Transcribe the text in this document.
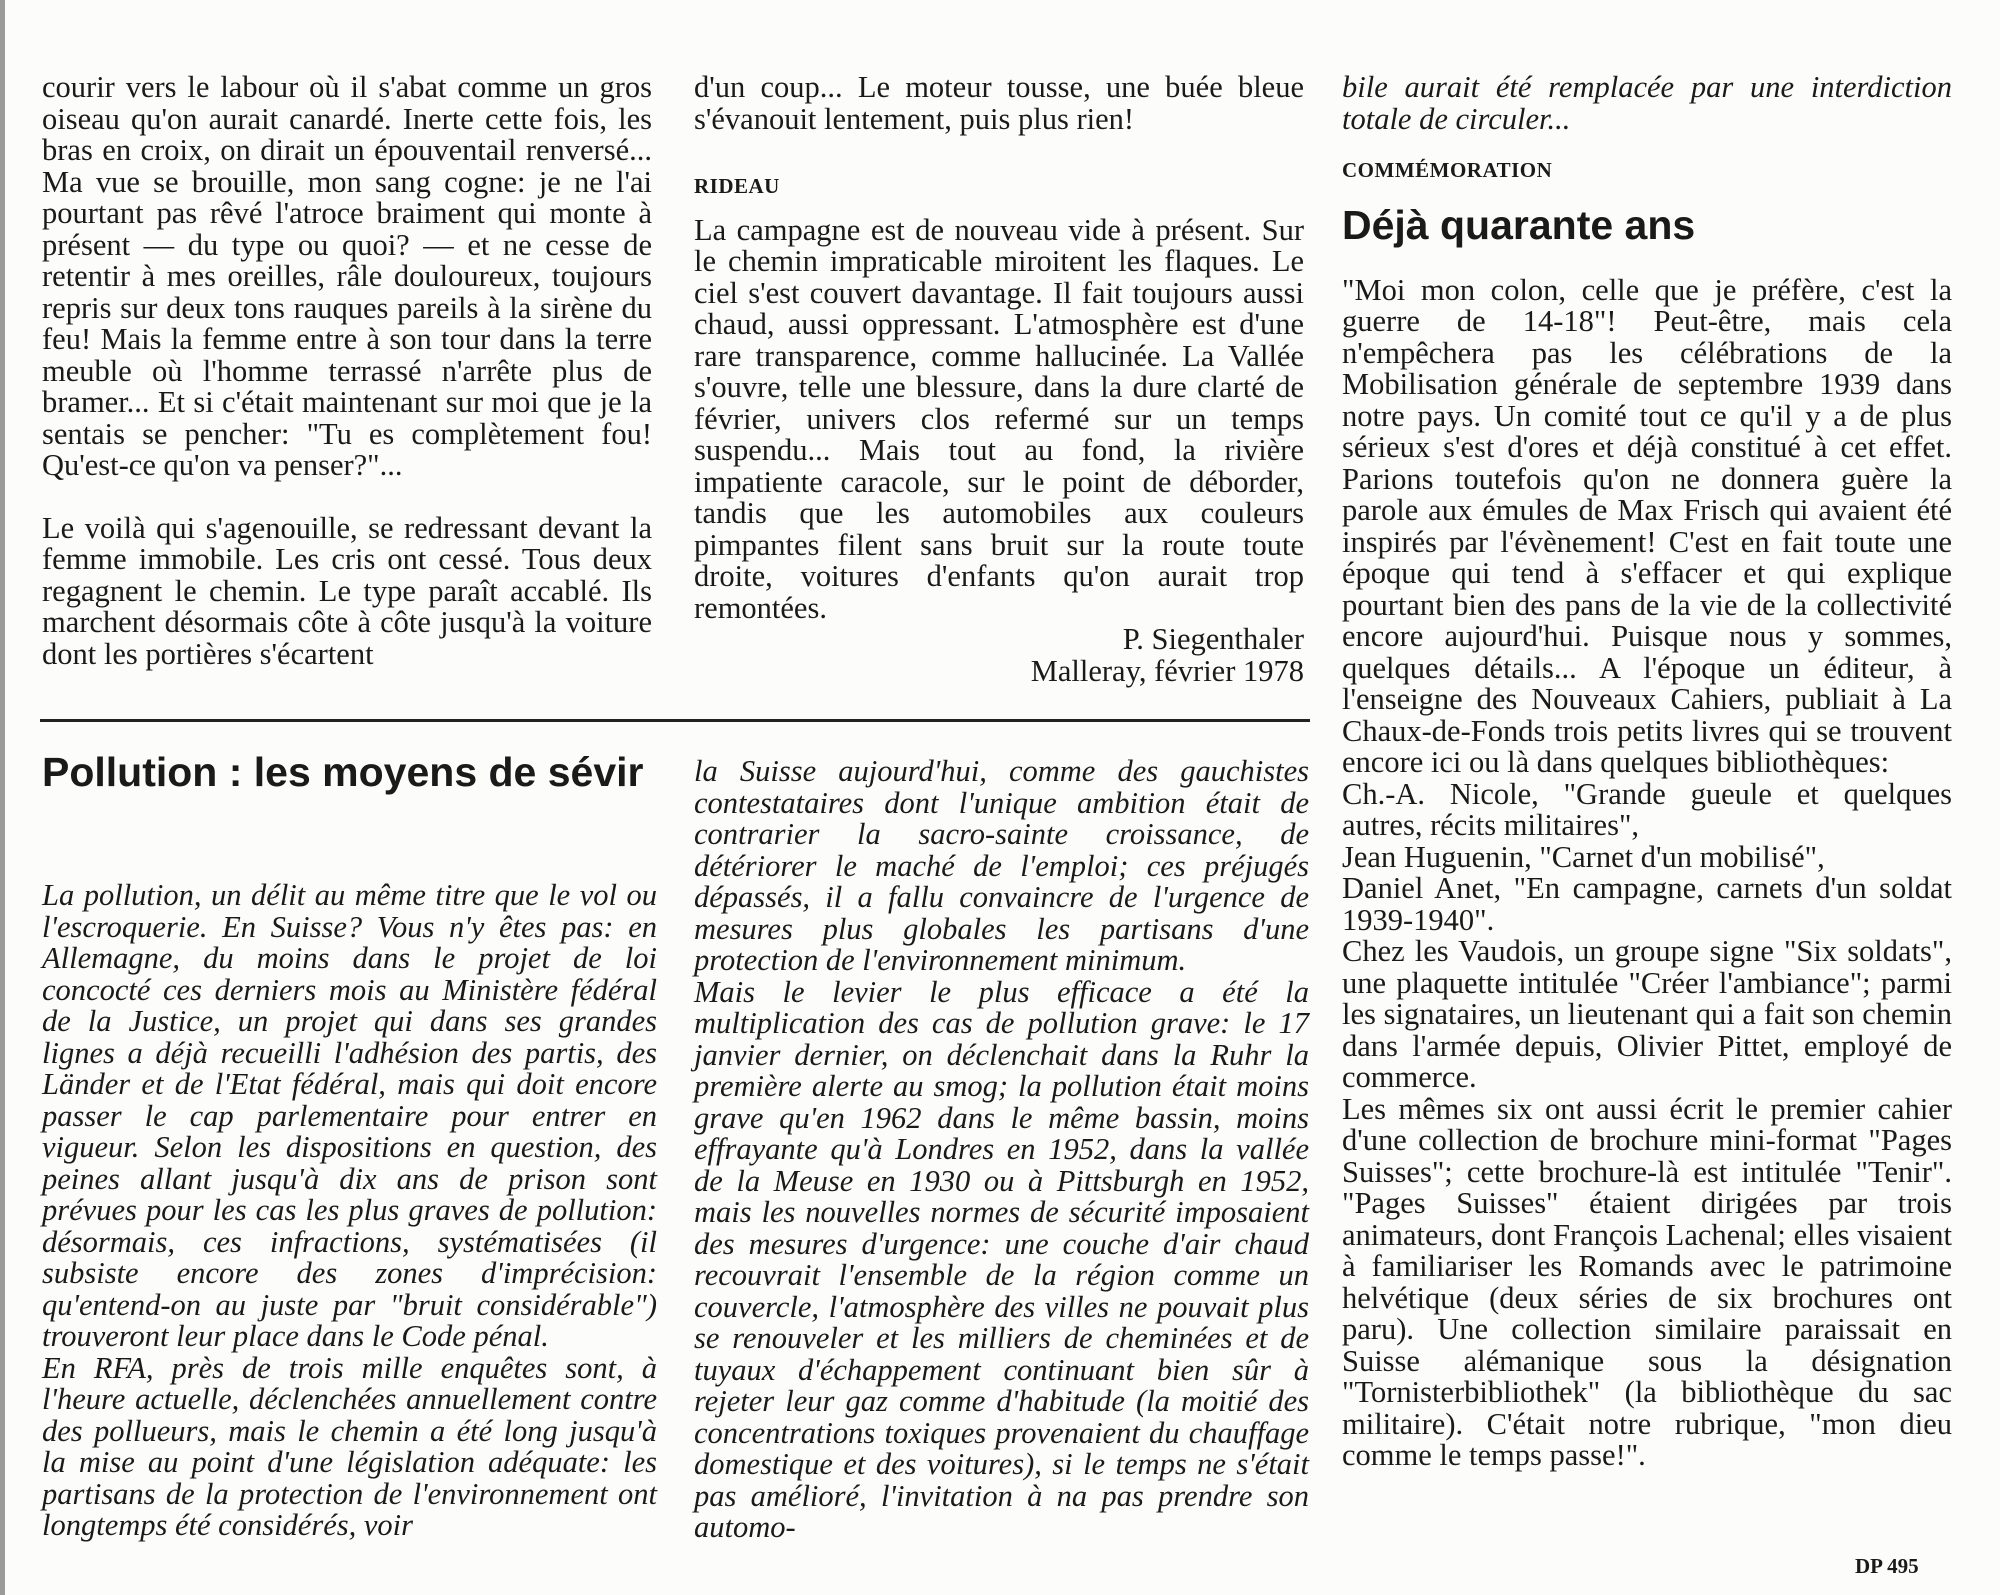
courir vers le labour où il s'abat comme un gros oiseau qu'on aurait canardé. Inerte cette fois, les bras en croix, on dirait un épouventail renversé... Ma vue se brouille, mon sang cogne: je ne l'ai pourtant pas rêvé l'atroce braiment qui monte à présent — du type ou quoi? — et ne cesse de retentir à mes oreilles, râle douloureux, toujours repris sur deux tons rauques pareils à la sirène du feu! Mais la femme entre à son tour dans la terre meuble où l'homme terrassé n'arrête plus de bramer... Et si c'était maintenant sur moi que je la sentais se pencher: "Tu es complètement fou! Qu'est-ce qu'on va penser?"...

Le voilà qui s'agenouille, se redressant devant la femme immobile. Les cris ont cessé. Tous deux regagnent le chemin. Le type paraît accablé. Ils marchent désormais côte à côte jusqu'à la voiture dont les portières s'écartent

d'un coup... Le moteur tousse, une buée bleue s'évanouit lentement, puis plus rien!

RIDEAU

La campagne est de nouveau vide à présent. Sur le chemin impraticable miroitent les flaques. Le ciel s'est couvert davantage. Il fait toujours aussi chaud, aussi oppressant. L'atmosphère est d'une rare transparence, comme hallucinée. La Vallée s'ouvre, telle une blessure, dans la dure clarté de février, univers clos refermé sur un temps suspendu... Mais tout au fond, la rivière impatiente caracole, sur le point de déborder, tandis que les automobiles aux couleurs pimpantes filent sans bruit sur la route toute droite, voitures d'enfants qu'on aurait trop remontées.

P. Siegenthaler
Malleray, février 1978
Pollution : les moyens de sévir

La pollution, un délit au même titre que le vol ou l'escroquerie. En Suisse? Vous n'y êtes pas: en Allemagne, du moins dans le projet de loi concocté ces derniers mois au Ministère fédéral de la Justice, un projet qui dans ses grandes lignes a déjà recueilli l'adhésion des partis, des Länder et de l'Etat fédéral, mais qui doit encore passer le cap parlementaire pour entrer en vigueur. Selon les dispositions en question, des peines allant jusqu'à dix ans de prison sont prévues pour les cas les plus graves de pollution: désormais, ces infractions, systématisées (il subsiste encore des zones d'imprécision: qu'entend-on au juste par "bruit considérable") trouveront leur place dans le Code pénal.

En RFA, près de trois mille enquêtes sont, à l'heure actuelle, déclenchées annuellement contre des pollueurs, mais le chemin a été long jusqu'à la mise au point d'une législation adéquate: les partisans de la protection de l'environnement ont longtemps été considérés, voir

la Suisse aujourd'hui, comme des gauchistes contestataires dont l'unique ambition était de contrarier la sacro-sainte croissance, de détériorer le maché de l'emploi; ces préjugés dépassés, il a fallu convaincre de l'urgence de mesures plus globales les partisans d'une protection de l'environnement minimum.

Mais le levier le plus efficace a été la multiplication des cas de pollution grave: le 17 janvier dernier, on déclenchait dans la Ruhr la première alerte au smog; la pollution était moins grave qu'en 1962 dans le même bassin, moins effrayante qu'à Londres en 1952, dans la vallée de la Meuse en 1930 ou à Pittsburgh en 1952, mais les nouvelles normes de sécurité imposaient des mesures d'urgence: une couche d'air chaud recouvrait l'ensemble de la région comme un couvercle, l'atmosphère des villes ne pouvait plus se renouveler et les milliers de cheminées et de tuyaux d'échappement continuant bien sûr à rejeter leur gaz comme d'habitude (la moitié des concentrations toxiques provenaient du chauffage domestique et des voitures), si le temps ne s'était pas amélioré, l'invitation à na pas prendre son automo-

bile aurait été remplacée par une interdiction totale de circuler...

COMMÉMORATION
Déjà quarante ans

"Moi mon colon, celle que je préfère, c'est la guerre de 14-18"! Peut-être, mais cela n'empêchera pas les célébrations de la Mobilisation générale de septembre 1939 dans notre pays. Un comité tout ce qu'il y a de plus sérieux s'est d'ores et déjà constitué à cet effet. Parions toutefois qu'on ne donnera guère la parole aux émules de Max Frisch qui avaient été inspirés par l'évènement! C'est en fait toute une époque qui tend à s'effacer et qui explique pourtant bien des pans de la vie de la collectivité encore aujourd'hui. Puisque nous y sommes, quelques détails... A l'époque un éditeur, à l'enseigne des Nouveaux Cahiers, publiait à La Chaux-de-Fonds trois petits livres qui se trouvent encore ici ou là dans quelques bibliothèques:

Ch.-A. Nicole, "Grande gueule et quelques autres, récits militaires",

Jean Huguenin, "Carnet d'un mobilisé",

Daniel Anet, "En campagne, carnets d'un soldat 1939-1940".

Chez les Vaudois, un groupe signe "Six soldats", une plaquette intitulée "Créer l'ambiance"; parmi les signataires, un lieutenant qui a fait son chemin dans l'armée depuis, Olivier Pittet, employé de commerce.

Les mêmes six ont aussi écrit le premier cahier d'une collection de brochure mini-format "Pages Suisses"; cette brochure-là est intitulée "Tenir". "Pages Suisses" étaient dirigées par trois animateurs, dont François Lachenal; elles visaient à familiariser les Romands avec le patrimoine helvétique (deux séries de six brochures ont paru). Une collection similaire paraissait en Suisse alémanique sous la désignation "Tornisterbibliothek" (la bibliothèque du sac militaire). C'était notre rubrique, "mon dieu comme le temps passe!".

DP 495
